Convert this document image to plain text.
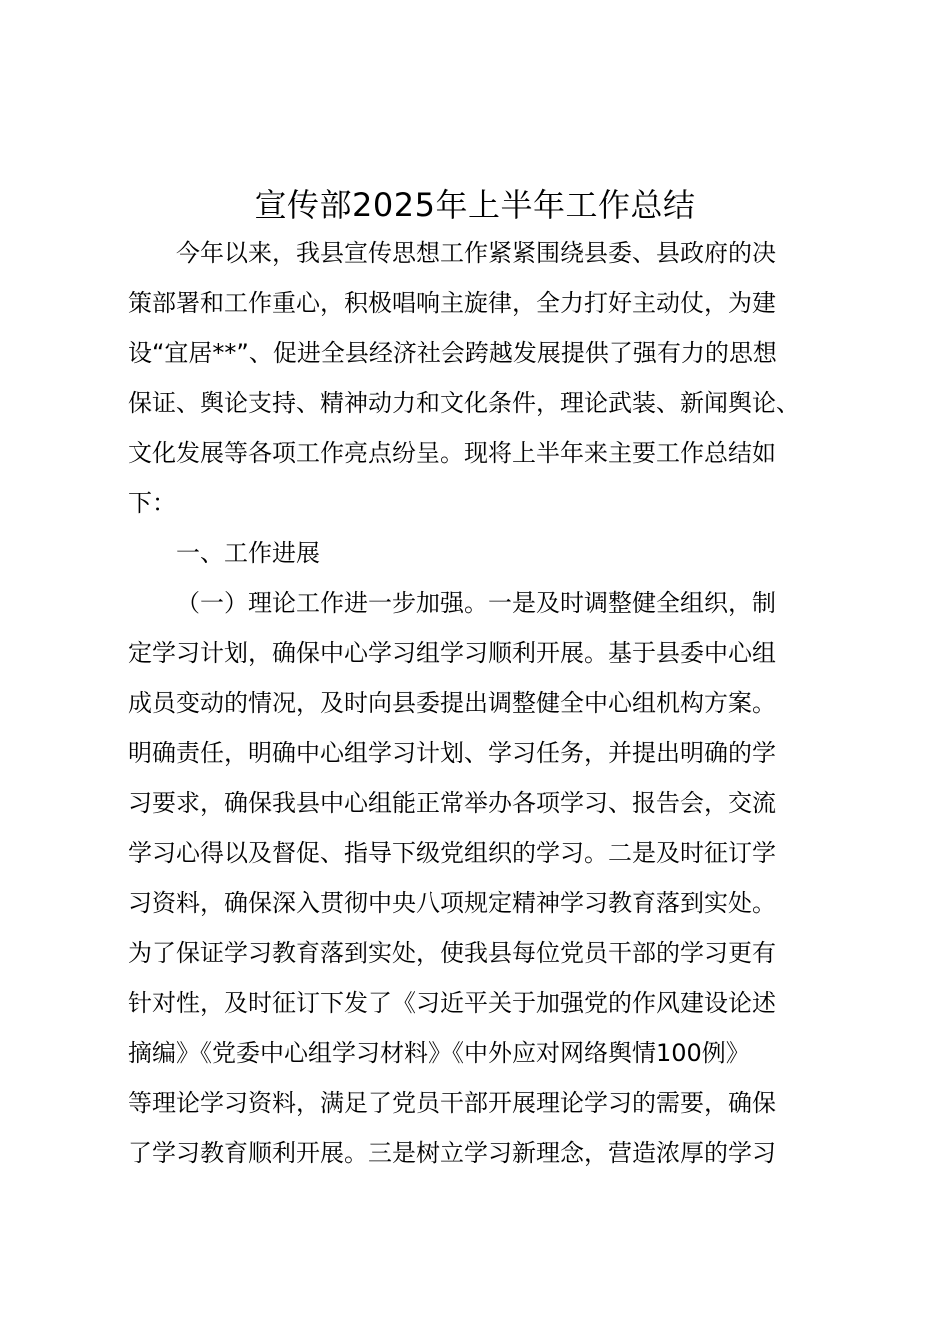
宣传部2025年上半年工作总结
今年以来，我县宣传思想工作紧紧围绕县委、县政府的决
策部署和工作重心，积极唱响主旋律，全力打好主动仗，为建
设“宜居**”、促进全县经济社会跨越发展提供了强有力的思想
保证、舆论支持、精神动力和文化条件，理论武装、新闻舆论、
文化发展等各项工作亮点纷呈。现将上半年来主要工作总结如
下：
一、工作进展
（一）理论工作进一步加强。一是及时调整健全组织，制
定学习计划，确保中心学习组学习顺利开展。基于县委中心组
成员变动的情况，及时向县委提出调整健全中心组机构方案。
明确责任，明确中心组学习计划、学习任务，并提出明确的学
习要求，确保我县中心组能正常举办各项学习、报告会，交流
学习心得以及督促、指导下级党组织的学习。二是及时征订学
习资料，确保深入贯彻中央八项规定精神学习教育落到实处。
为了保证学习教育落到实处，使我县每位党员干部的学习更有
针对性，及时征订下发了《习近平关于加强党的作风建设论述
摘编》《党委中心组学习材料》《中外应对网络舆情100例》
等理论学习资料，满足了党员干部开展理论学习的需要，确保
了学习教育顺利开展。三是树立学习新理念，营造浓厚的学习
